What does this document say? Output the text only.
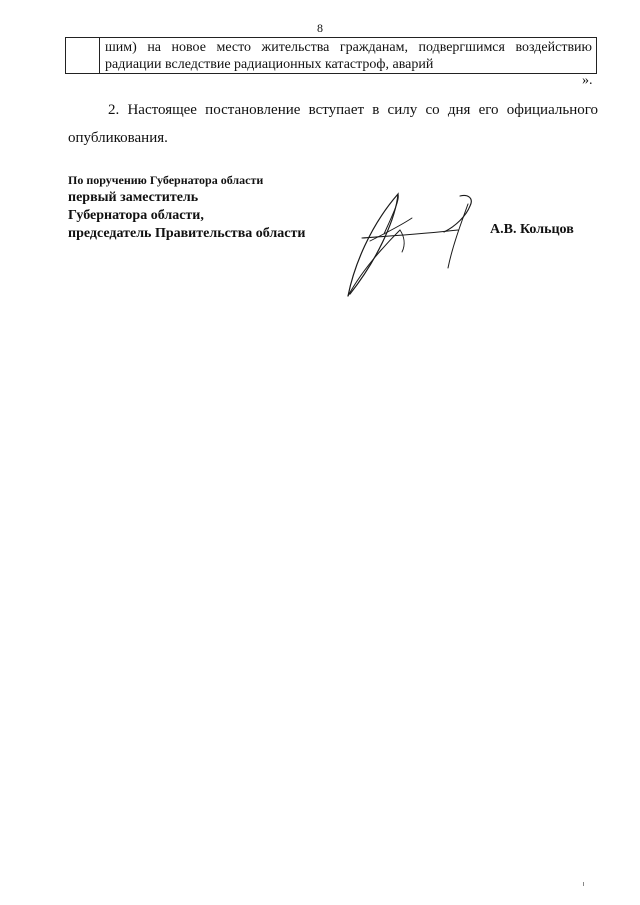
8
	шим) на новое место жительства гражданам, подвергшимся воздействию радиации вследствие радиационных катастроф, аварий
».

2. Настоящее постановление вступает в силу со дня его официального опубликования.

По поручению Губернатора области

первый заместитель

Губернатора области,

председатель Правительства области	А.В. Кольцов
